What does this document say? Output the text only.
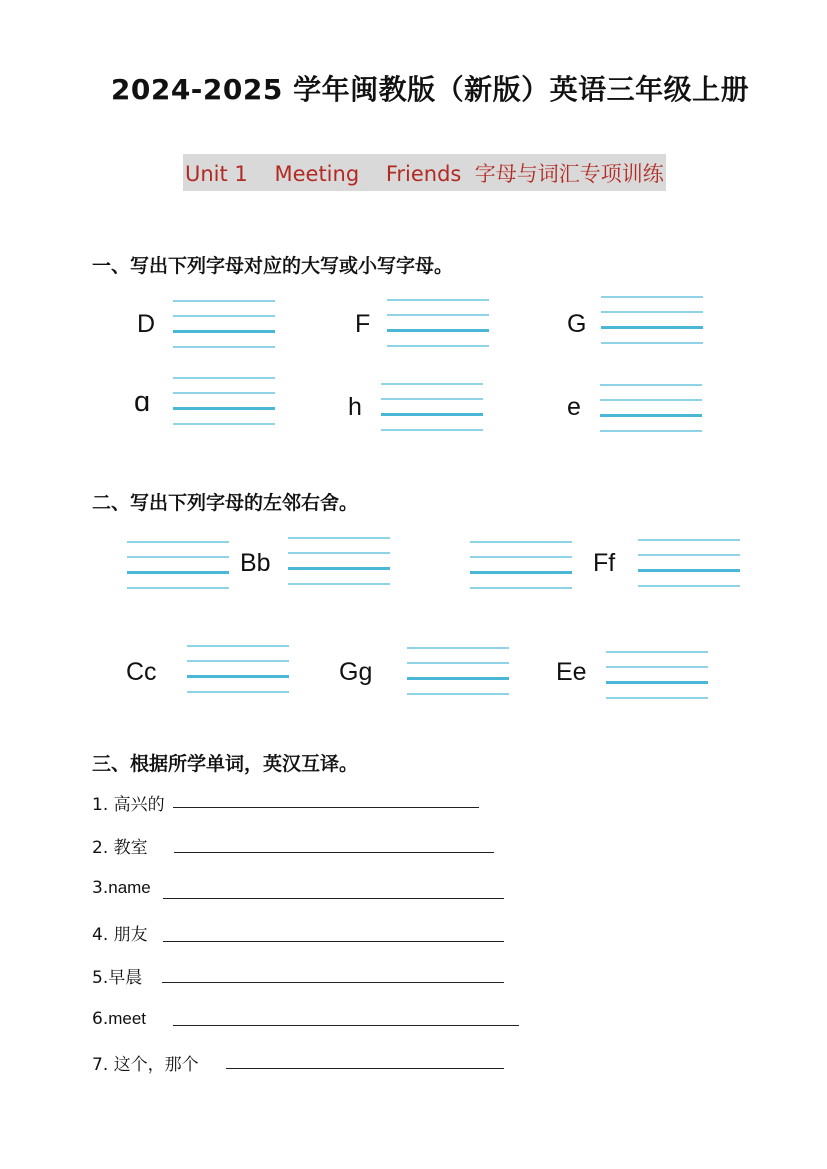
2024-2025 学年闽教版（新版）英语三年级上册
Unit 1    Meeting    Friends  字母与词汇专项训练
一、写出下列字母对应的大写或小写字母。
D	F	G
ɑ	h	e
二、写出下列字母的左邻右舍。
Bb	Ff
Cc	Gg	Ee
三、根据所学单词，英汉互译。
1. 高兴的
2. 教室
3.name
4. 朋友
5.早晨
6.meet
7. 这个，那个
